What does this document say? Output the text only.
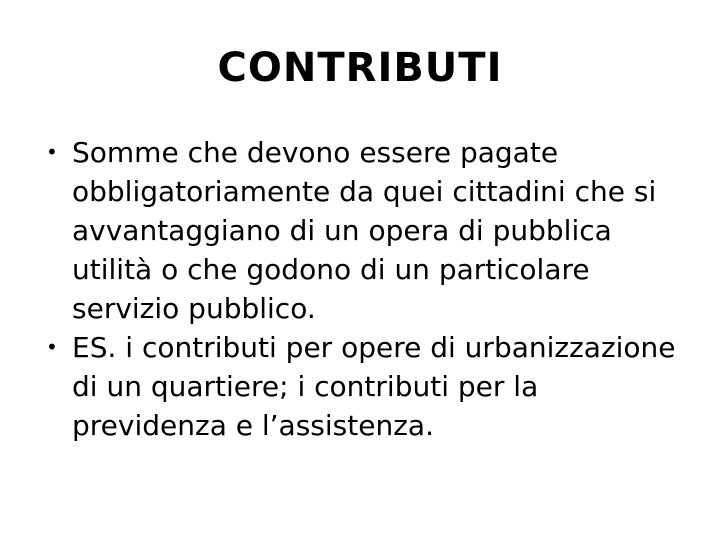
CONTRIBUTI
• Somme che devono essere pagate obbligatoriamente da quei cittadini che si avvantaggiano di un opera di pubblica utilità o che godono di un particolare servizio pubblico.
• ES. i contributi per opere di urbanizzazione di un quartiere; i contributi per la previdenza e l’assistenza.
